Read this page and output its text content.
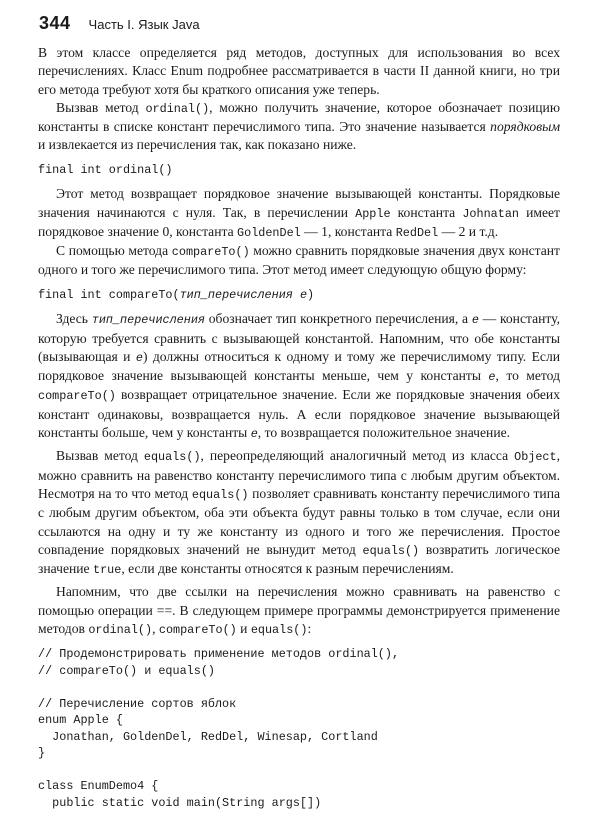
344 Часть I. Язык Java

В этом классе определяется ряд методов, доступных для использования во всех перечислениях. Класс Enum подробнее рассматривается в части II данной книги, но три его метода требуют хотя бы краткого описания уже теперь.

Вызвав метод ordinal(), можно получить значение, которое обозначает позицию константы в списке констант перечислимого типа. Это значение называется порядковым и извлекается из перечисления так, как показано ниже.

final int ordinal()

Этот метод возвращает порядковое значение вызывающей константы. Порядковые значения начинаются с нуля. Так, в перечислении Apple константа Johnatan имеет порядковое значение 0, константа GoldenDel — 1, константа RedDel — 2 и т.д.

С помощью метода compareTo() можно сравнить порядковые значения двух констант одного и того же перечислимого типа. Этот метод имеет следующую общую форму:

final int compareTo(тип_перечисления e)

Здесь тип_перечисления обозначает тип конкретного перечисления, а e — константу, которую требуется сравнить с вызывающей константой. Напомним, что обе константы (вызывающая и e) должны относиться к одному и тому же перечислимому типу. Если порядковое значение вызывающей константы меньше, чем у константы e, то метод compareTo() возвращает отрицательное значение. Если же порядковые значения обеих констант одинаковы, возвращается нуль. А если порядковое значение вызывающей константы больше, чем у константы e, то возвращается положительное значение.

Вызвав метод equals(), переопределяющий аналогичный метод из класса Object, можно сравнить на равенство константу перечислимого типа с любым другим объектом. Несмотря на то что метод equals() позволяет сравнивать константу перечислимого типа с любым другим объектом, оба эти объекта будут равны только в том случае, если они ссылаются на одну и ту же константу из одного и того же перечисления. Простое совпадение порядковых значений не вынудит метод equals() возвратить логическое значение true, если две константы относятся к разным перечислениям.

Напомним, что две ссылки на перечисления можно сравнивать на равенство с помощью операции ==. В следующем примере программы демонстрируется применение методов ordinal(), compareTo() и equals():

// Продемонстрировать применение методов ordinal(),
// compareTo() и equals()

// Перечисление сортов яблок
enum Apple {
Jonathan, GoldenDel, RedDel, Winesap, Cortland
}

class EnumDemo4 {
public static void main(String args[])
